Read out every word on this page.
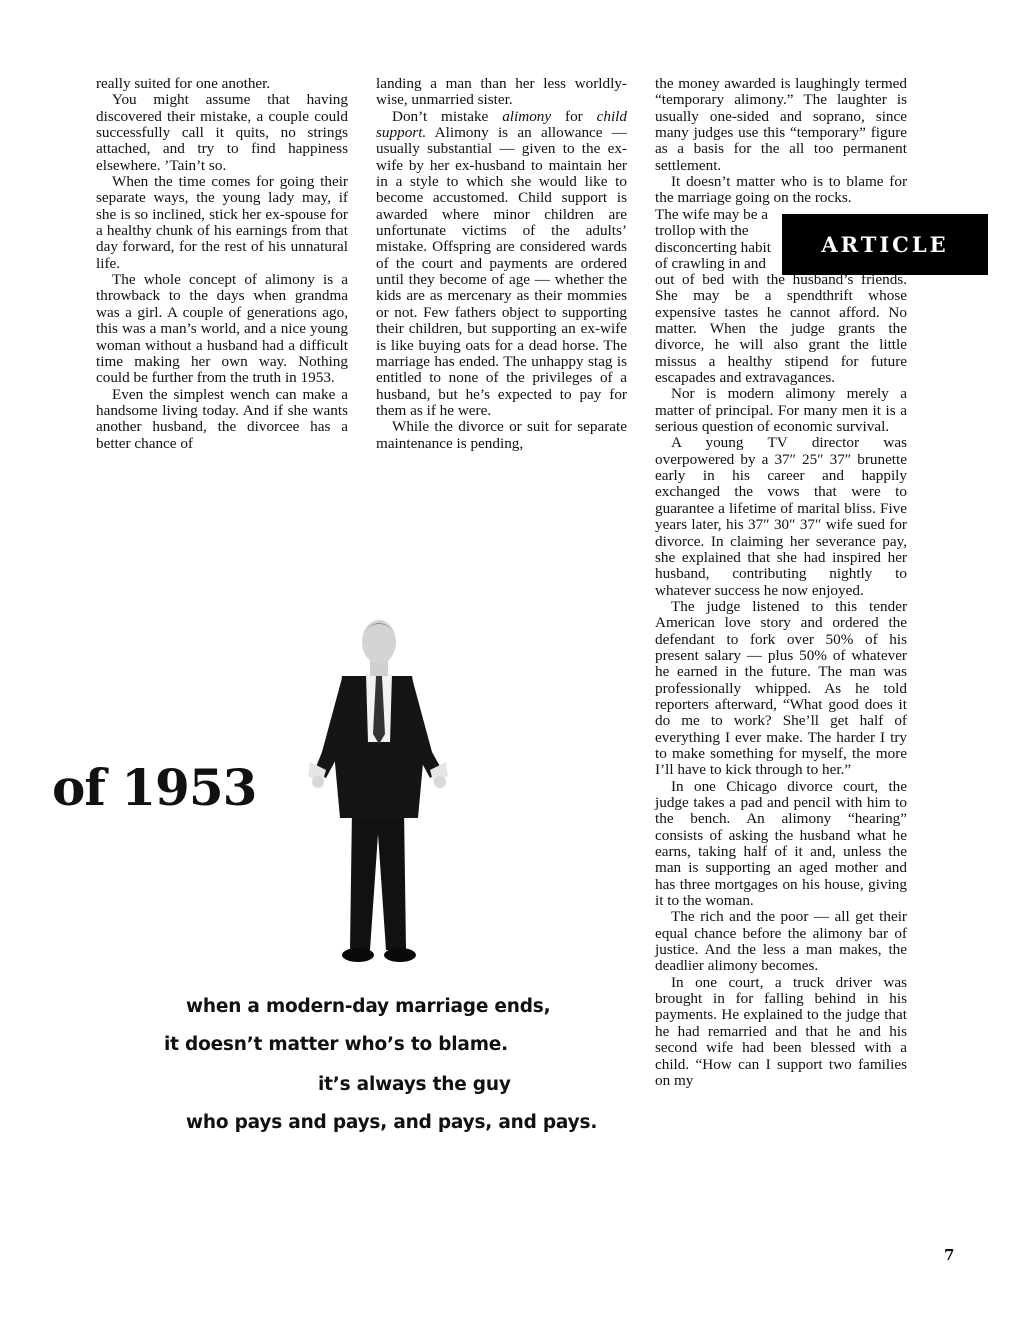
really suited for one another.

You might assume that having discovered their mistake, a couple could successfully call it quits, no strings attached, and try to find happiness elsewhere. ’Tain’t so.

When the time comes for going their separate ways, the young lady may, if she is so inclined, stick her ex-spouse for a healthy chunk of his earnings from that day forward, for the rest of his unnatural life.

The whole concept of alimony is a throwback to the days when grandma was a girl. A couple of generations ago, this was a man’s world, and a nice young woman without a husband had a difficult time making her own way. Nothing could be further from the truth in 1953.

Even the simplest wench can make a handsome living today. And if she wants another husband, the divorcee has a better chance of

landing a man than her less worldly-wise, unmarried sister.

Don’t mistake alimony for child support. Alimony is an allowance — usually substantial — given to the ex-wife by her ex-husband to maintain her in a style to which she would like to become accustomed. Child support is awarded where minor children are unfortunate victims of the adults’ mistake. Offspring are considered wards of the court and payments are ordered until they become of age — whether the kids are as mercenary as their mommies or not. Few fathers object to supporting their children, but supporting an ex-wife is like buying oats for a dead horse. The marriage has ended. The unhappy stag is entitled to none of the privileges of a husband, but he’s expected to pay for them as if he were.

While the divorce or suit for separate maintenance is pending,

the money awarded is laughingly termed “temporary alimony.” The laughter is usually one-sided and soprano, since many judges use this “temporary” figure as a basis for the all too permanent settlement.

It doesn’t matter who is to blame for the marriage going on the rocks.

The wife may be a trollop with the disconcerting habit of crawling in and

ARTICLE

out of bed with the husband’s friends. She may be a spendthrift whose expensive tastes he cannot afford. No matter. When the judge grants the divorce, he will also grant the little missus a healthy stipend for future escapades and extravagances.

Nor is modern alimony merely a matter of principal. For many men it is a serious question of economic survival.

A young TV director was overpowered by a 37″ 25″ 37″ brunette early in his career and happily exchanged the vows that were to guarantee a lifetime of marital bliss. Five years later, his 37″ 30″ 37″ wife sued for divorce. In claiming her severance pay, she explained that she had inspired her husband, contributing nightly to whatever success he now enjoyed.

The judge listened to this tender American love story and ordered the defendant to fork over 50% of his present salary — plus 50% of whatever he earned in the future. The man was professionally whipped. As he told reporters afterward, “What good does it do me to work? She’ll get half of everything I ever make. The harder I try to make something for myself, the more I’ll have to kick through to her.”

In one Chicago divorce court, the judge takes a pad and pencil with him to the bench. An alimony “hearing” consists of asking the husband what he earns, taking half of it and, unless the man is supporting an aged mother and has three mortgages on his house, giving it to the woman.

The rich and the poor — all get their equal chance before the alimony bar of justice. And the less a man makes, the deadlier alimony becomes.

In one court, a truck driver was brought in for falling behind in his payments. He explained to the judge that he had remarried and that he and his second wife had been blessed with a child. “How can I support two families on my

of 1953

when a modern-day marriage ends,

it doesn’t matter who’s to blame.

it’s always the guy

who pays and pays, and pays, and pays.

7
